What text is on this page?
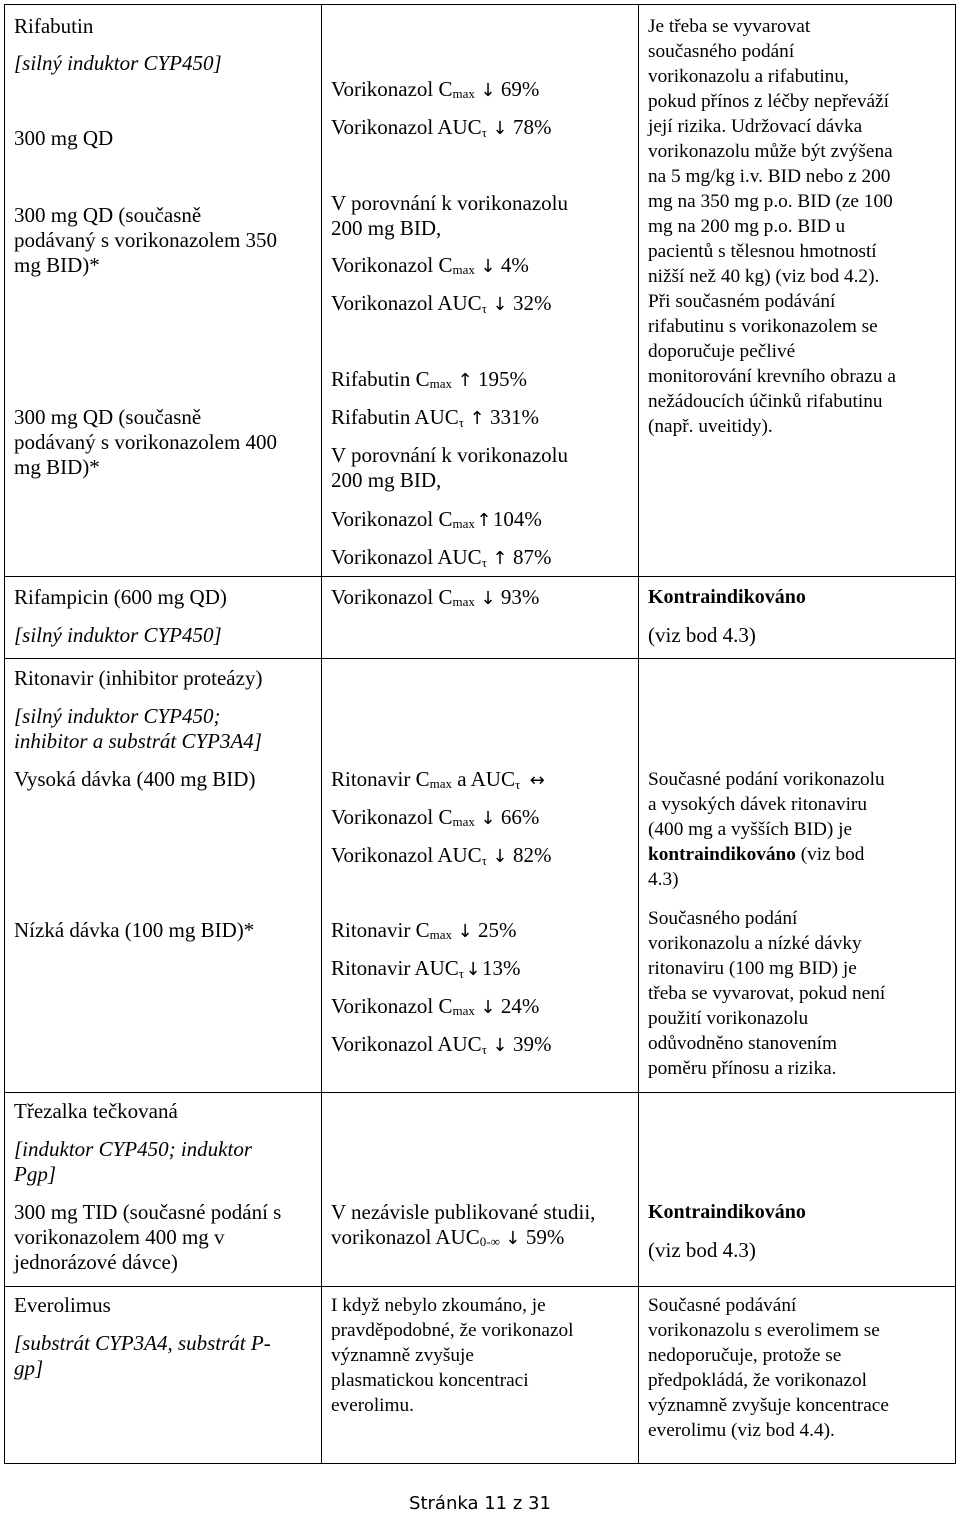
Rifabutin

[silný induktor CYP450]

300 mg QD

300 mg QD (současně

podávaný s vorikonazolem 350

mg BID)*

300 mg QD (současně

podávaný s vorikonazolem 400

mg BID)*

Vorikonazol Cmax ↓ 69%

Vorikonazol AUCτ ↓ 78%

V porovnání k vorikonazolu

200 mg BID,

Vorikonazol Cmax ↓ 4%

Vorikonazol AUCτ ↓ 32%

Rifabutin Cmax ↑ 195%

Rifabutin AUCτ ↑ 331%

V porovnání k vorikonazolu

200 mg BID,

Vorikonazol Cmax↑104%

Vorikonazol AUCτ ↑ 87%

Je třeba se vyvarovat

současného podání

vorikonazolu a rifabutinu,

pokud přínos z léčby nepřeváží

její rizika. Udržovací dávka

vorikonazolu může být zvýšena

na 5 mg/kg i.v. BID nebo z 200

mg na 350 mg p.o. BID (ze 100

mg na 200 mg p.o. BID u

pacientů s tělesnou hmotností

nižší než 40 kg) (viz bod 4.2).

Při současném podávání

rifabutinu s vorikonazolem se

doporučuje pečlivé

monitorování krevního obrazu a

nežádoucích účinků rifabutinu

(např. uveitidy).

Rifampicin (600 mg QD)

[silný induktor CYP450]

Vorikonazol Cmax ↓ 93%	Kontraindikováno

(viz bod 4.3)

Ritonavir (inhibitor proteázy)

[silný induktor CYP450;

inhibitor a substrát CYP3A4]

Vysoká dávka (400 mg BID)

Nízká dávka (100 mg BID)*

Ritonavir Cmax a AUCτ ↔

Vorikonazol Cmax ↓ 66%

Vorikonazol AUCτ ↓ 82%

Ritonavir Cmax ↓ 25%

Ritonavir AUCτ↓13%

Vorikonazol Cmax ↓ 24%

Vorikonazol AUCτ ↓ 39%

Současné podání vorikonazolu

a vysokých dávek ritonaviru

(400 mg a vyšších BID) je

kontraindikováno (viz bod

4.3)

Současného podání

vorikonazolu a nízké dávky

ritonaviru (100 mg BID) je

třeba se vyvarovat, pokud není

použití vorikonazolu

odůvodněno stanovením

poměru přínosu a rizika.

Třezalka tečkovaná

[induktor CYP450; induktor

Pgp]

300 mg TID (současné podání s

vorikonazolem 400 mg v

jednorázové dávce)

V nezávisle publikované studii,

vorikonazol AUC0-∞ ↓ 59%

Kontraindikováno

(viz bod 4.3)

Everolimus

[substrát CYP3A4, substrát P-

gp]

I když nebylo zkoumáno, je

pravděpodobné, že vorikonazol

významně zvyšuje

plasmatickou koncentraci

everolimu.

Současné podávání

vorikonazolu s everolimem se

nedoporučuje, protože se

předpokládá, že vorikonazol

významně zvyšuje koncentrace

everolimu (viz bod 4.4).

Stránka 11 z 31
